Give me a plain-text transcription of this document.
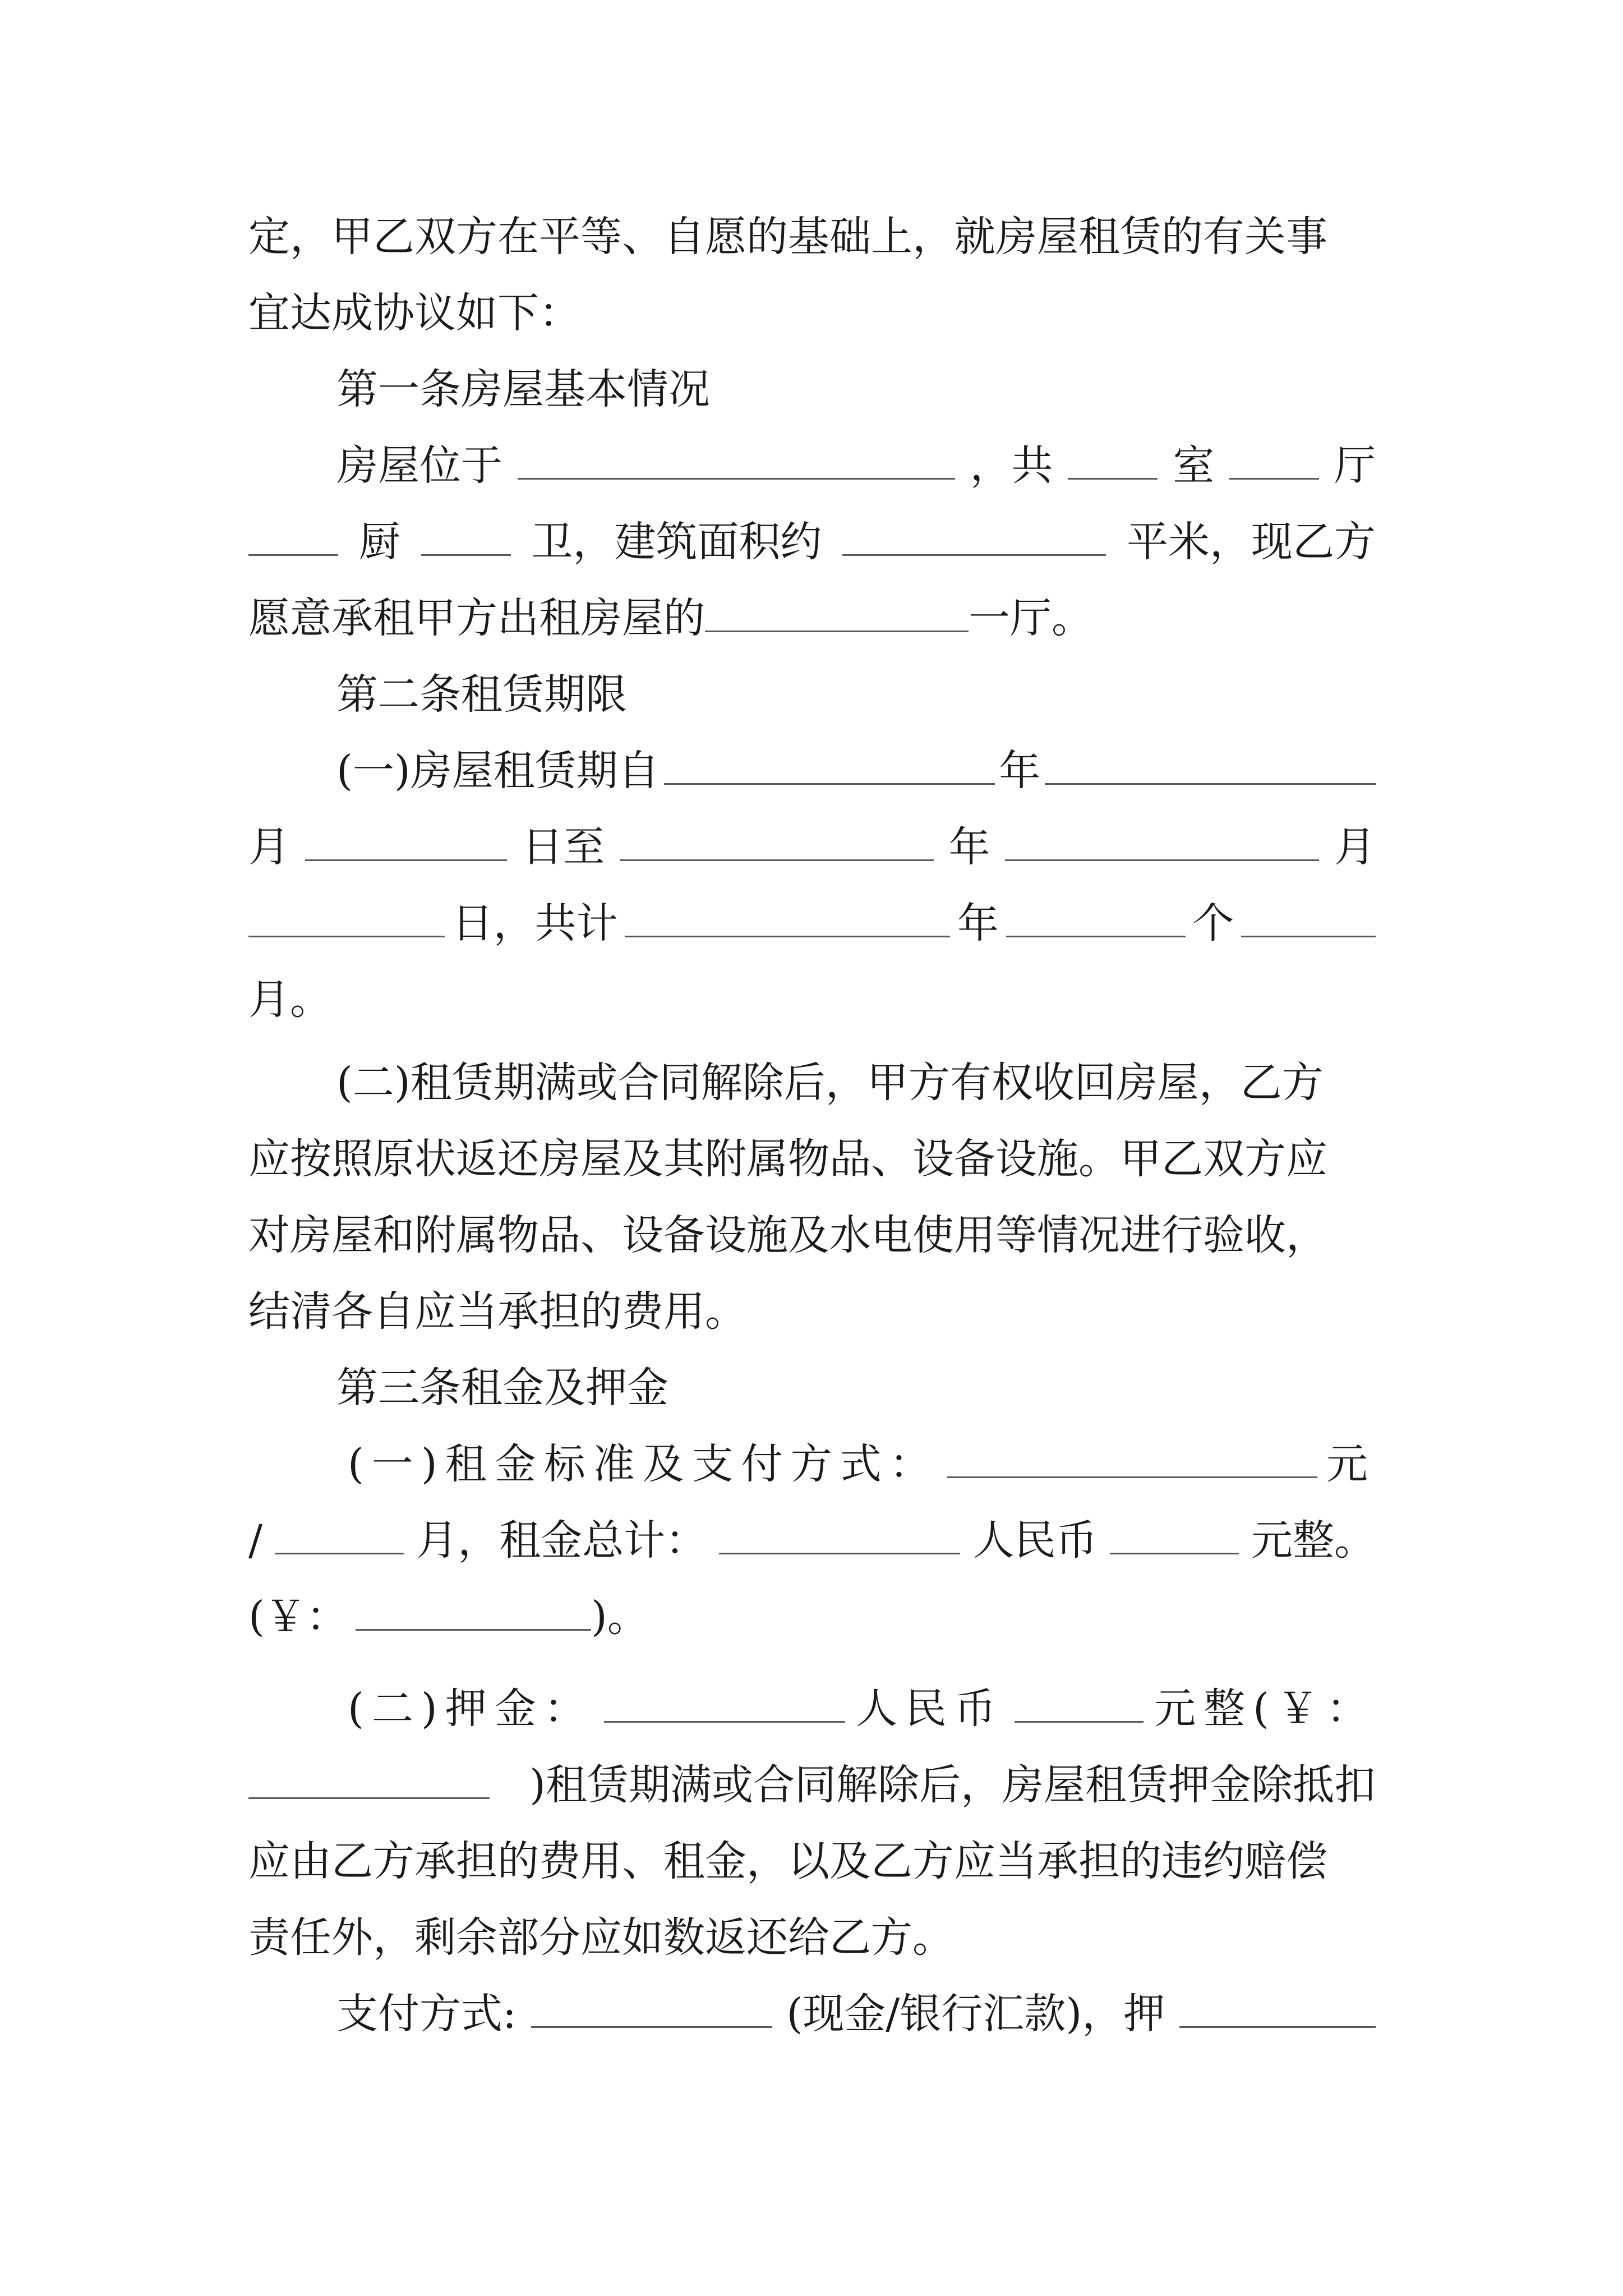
定，甲乙双方在平等、自愿的基础上，就房屋租赁的有关事
宜达成协议如下：
第一条房屋基本情况
房屋位于	，共	室	厅
厨	卫，建筑面积约	平米，现乙方
愿意承租甲方出租房屋的	一厅。
第二条租赁期限
(一)房屋租赁期自	年
月	日至	年	月
日，共计	年	个
月。
(二)租赁期满或合同解除后，甲方有权收回房屋，乙方
应按照原状返还房屋及其附属物品、设备设施。甲乙双方应
对房屋和附属物品、设备设施及水电使用等情况进行验收，
结清各自应当承担的费用。
第三条租金及押金
(一)租金标准及支付方式：	元
/	月，租金总计：	人民币	元整。
(￥：	)。
(二)押金：	人民币	元整(￥：
)租赁期满或合同解除后，房屋租赁押金除抵扣
应由乙方承担的费用、租金，以及乙方应当承担的违约赔偿
责任外，剩余部分应如数返还给乙方。
支付方式:	(现金/银行汇款)，押
